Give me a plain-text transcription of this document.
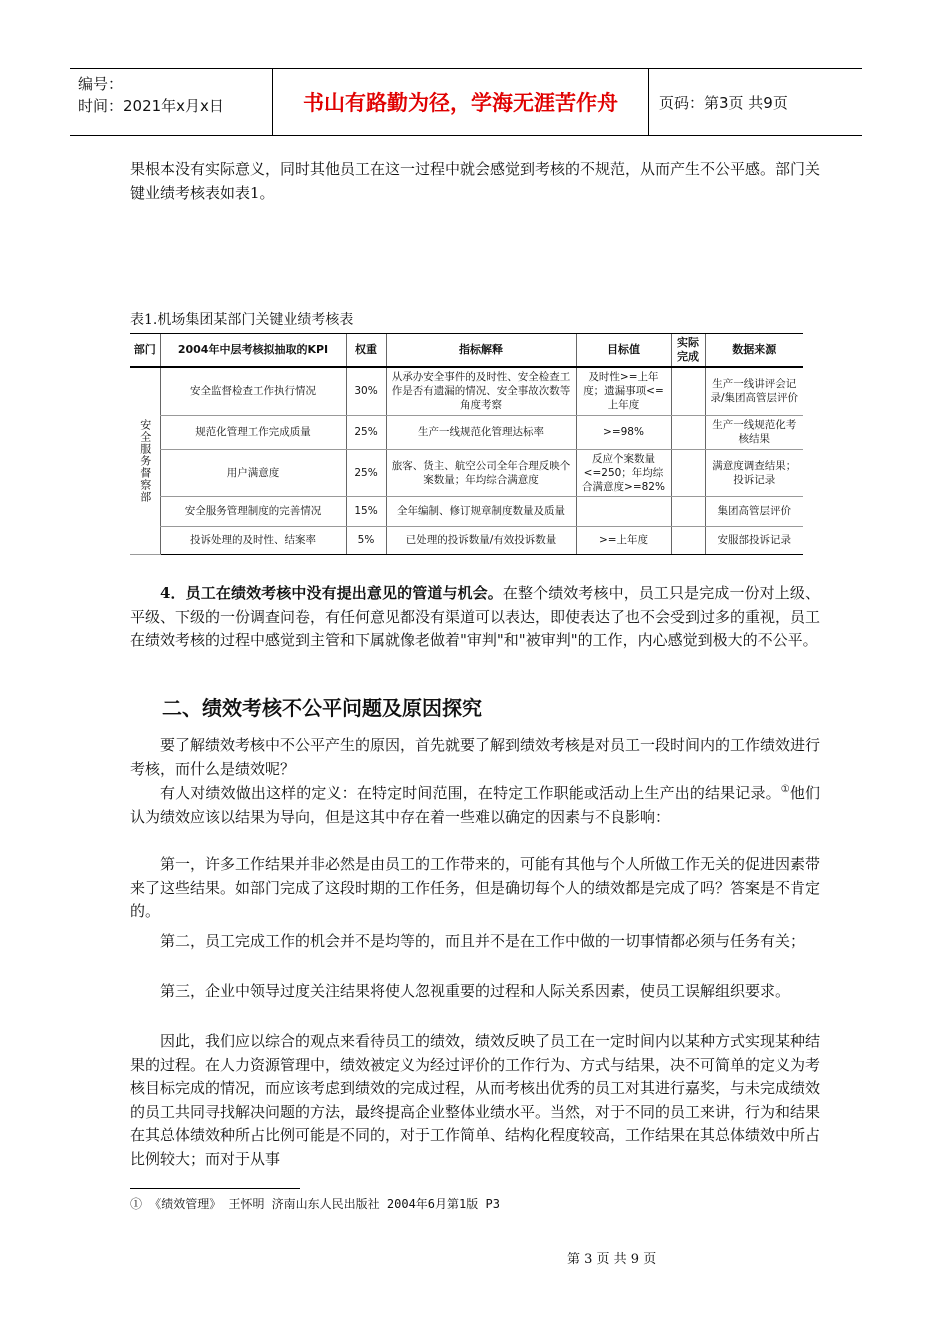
编号：
时间：2021年x月x日	书山有路勤为径，学海无涯苦作舟	页码：第3页 共9页

果根本没有实际意义，同时其他员工在这一过程中就会感觉到考核的不规范，从而产生不公平感。部门关键业绩考核表如表1。

表1.机场集团某部门关键业绩考核表
部门	2004年中层考核拟抽取的KPI	权重	指标解释	目标值	实际完成	数据来源
安全服务督察部	安全监督检查工作执行情况	30%	从承办安全事件的及时性、安全检查工作是否有遗漏的情况、安全事故次数等角度考察	及时性>=上年度；遗漏事项<=上年度		生产一线讲评会记录/集团高管层评价
	规范化管理工作完成质量	25%	生产一线规范化管理达标率	>=98%		生产一线规范化考核结果
	用户满意度	25%	旅客、货主、航空公司全年合理反映个案数量；年均综合满意度	反应个案数量<=250；年均综合满意度>=82%		满意度调查结果；投诉记录
	安全服务管理制度的完善情况	15%	全年编制、修订规章制度数量及质量			集团高管层评价
	投诉处理的及时性、结案率	5%	已处理的投诉数量/有效投诉数量	>=上年度		安服部投诉记录

4．员工在绩效考核中没有提出意见的管道与机会。在整个绩效考核中，员工只是完成一份对上级、平级、下级的一份调查问卷，有任何意见都没有渠道可以表达，即使表达了也不会受到过多的重视，员工在绩效考核的过程中感觉到主管和下属就像老做着"审判"和"被审判"的工作，内心感觉到极大的不公平。

二、绩效考核不公平问题及原因探究

要了解绩效考核中不公平产生的原因，首先就要了解到绩效考核是对员工一段时间内的工作绩效进行考核，而什么是绩效呢？

有人对绩效做出这样的定义：在特定时间范围，在特定工作职能或活动上生产出的结果记录。①他们认为绩效应该以结果为导向，但是这其中存在着一些难以确定的因素与不良影响：

第一，许多工作结果并非必然是由员工的工作带来的，可能有其他与个人所做工作无关的促进因素带来了这些结果。如部门完成了这段时期的工作任务，但是确切每个人的绩效都是完成了吗？答案是不肯定的。

第二，员工完成工作的机会并不是均等的，而且并不是在工作中做的一切事情都必须与任务有关；

第三，企业中领导过度关注结果将使人忽视重要的过程和人际关系因素，使员工误解组织要求。

因此，我们应以综合的观点来看待员工的绩效，绩效反映了员工在一定时间内以某种方式实现某种结果的过程。在人力资源管理中，绩效被定义为经过评价的工作行为、方式与结果，决不可简单的定义为考核目标完成的情况，而应该考虑到绩效的完成过程，从而考核出优秀的员工对其进行嘉奖，与未完成绩效的员工共同寻找解决问题的方法，最终提高企业整体业绩水平。当然，对于不同的员工来讲，行为和结果在其总体绩效种所占比例可能是不同的，对于工作简单、结构化程度较高，工作结果在其总体绩效中所占比例较大；而对于从事

① 《绩效管理》 王怀明 济南山东人民出版社 2004年6月第1版 P3
第 3 页 共 9 页
